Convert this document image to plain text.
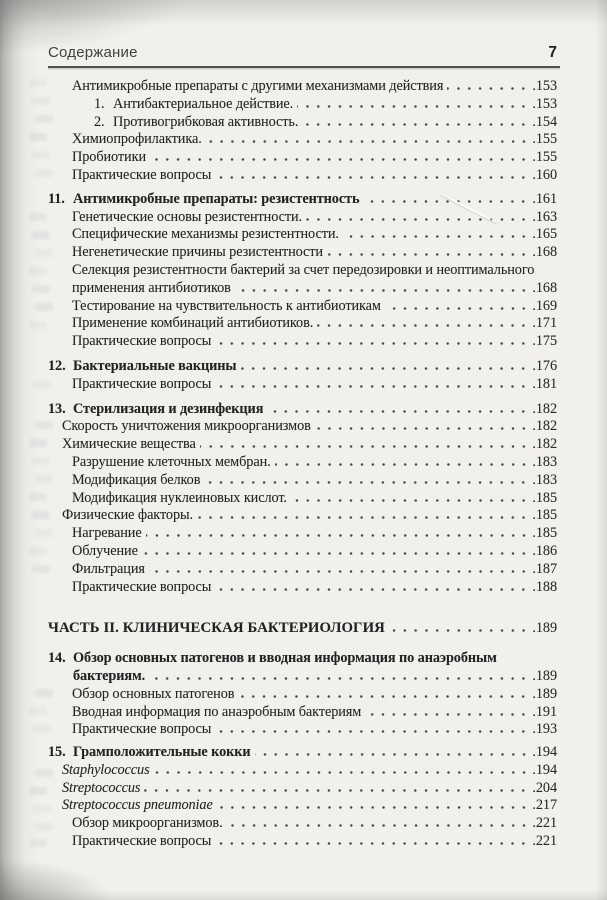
Содержание	7
Антимикробные препараты с другими механизмами действия	. 153
1. Антибактериальное действие.	. 153
2. Противогрибковая активность.	. 154
Химиопрофилактика.	. 155
Пробиотики	. 155
Практические вопросы	. 160
11. Антимикробные препараты: резистентность	. 161
Генетические основы резистентности.	. 163
Специфические механизмы резистентности.	. 165
Негенетические причины резистентности	. 168
Селекция резистентности бактерий за счет передозировки и неоптимального
применения антибиотиков	. 168
Тестирование на чувствительность к антибиотикам	. 169
Применение комбинаций антибиотиков.	. 171
Практические вопросы	. 175
12. Бактериальные вакцины	. 176
Практические вопросы	. 181
13. Стерилизация и дезинфекция	. 182
Скорость уничтожения микроорганизмов	. 182
Химические вещества	. 182
Разрушение клеточных мембран.	. 183
Модификация белков	. 183
Модификация нуклеиновых кислот.	. 185
Физические факторы.	. 185
Нагревание	. 185
Облучение	. 186
Фильтрация	. 187
Практические вопросы	. 188
ЧАСТЬ II. КЛИНИЧЕСКАЯ БАКТЕРИОЛОГИЯ	. 189
14. Обзор основных патогенов и вводная информация по анаэробным
бактериям.	. 189
Обзор основных патогенов	. 189
Вводная информация по анаэробным бактериям	. 191
Практические вопросы	. 193
15. Грамположительные кокки	. 194
Staphylococcus	. 194
Streptococcus	. 204
Streptococcus pneumoniae	. 217
Обзор микроорганизмов.	. 221
Практические вопросы	. 221
